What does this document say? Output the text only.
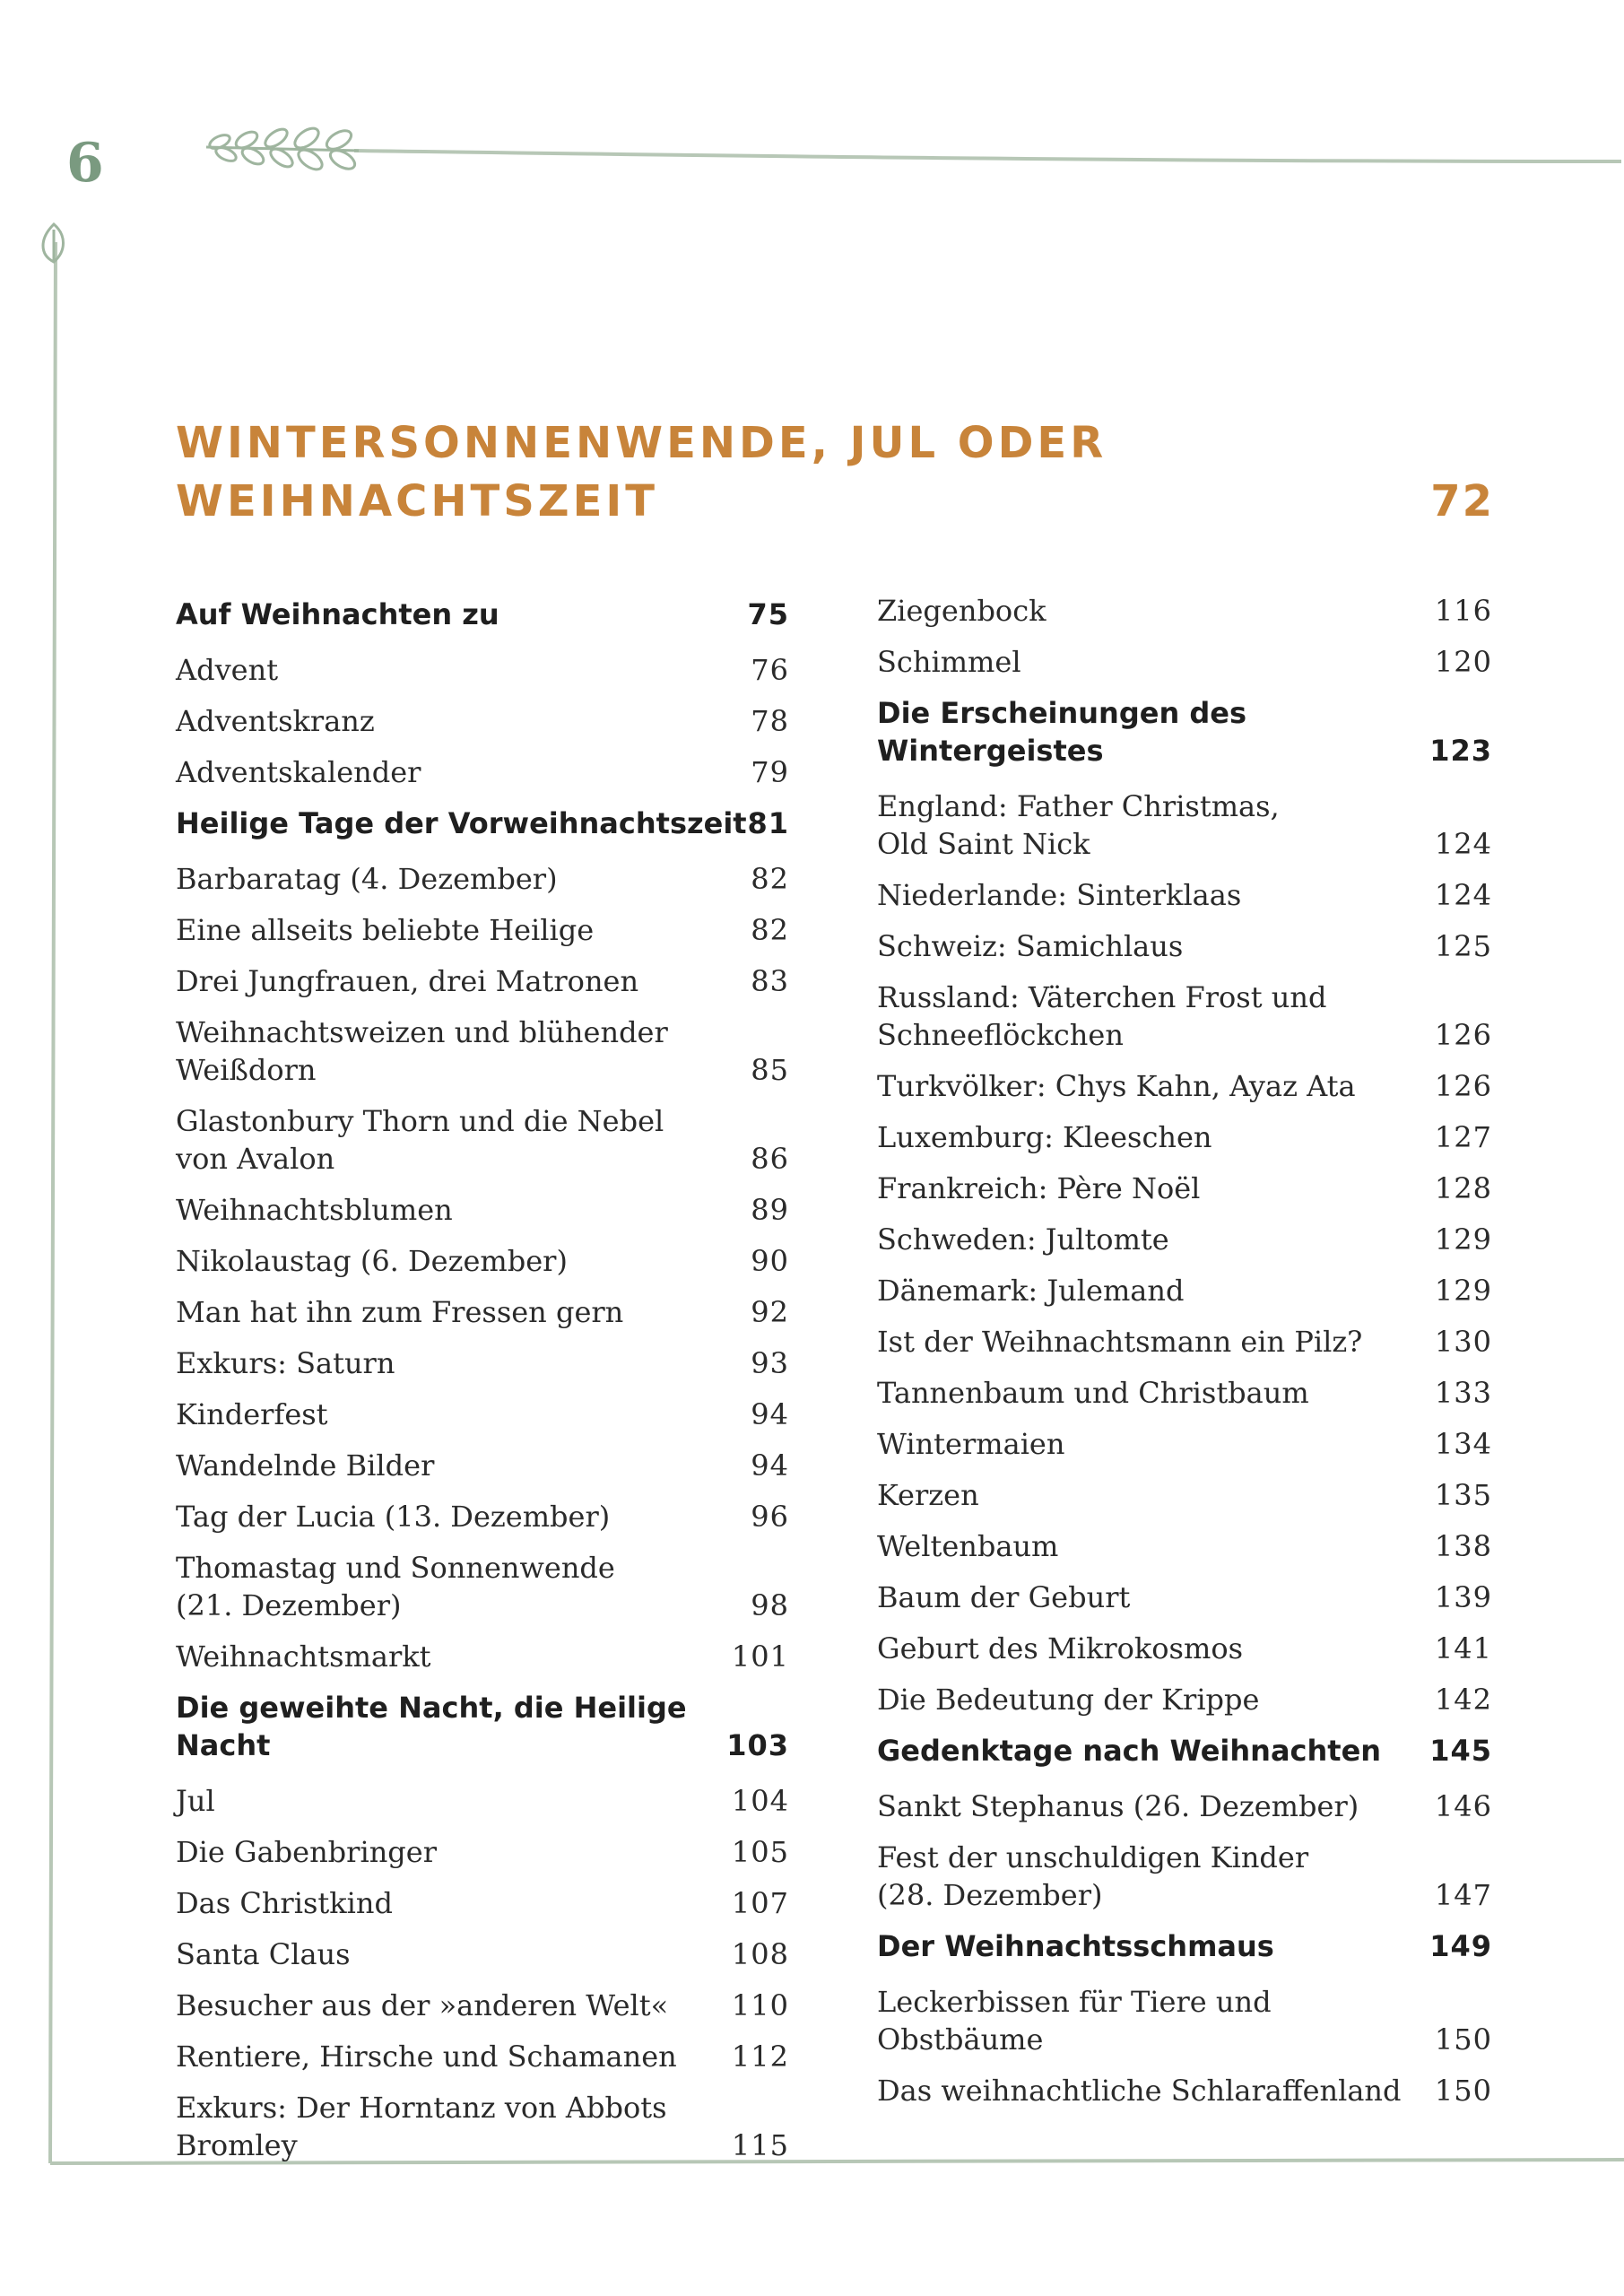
6
WINTERSONNENWENDE, JUL ODER
WEIHNACHTSZEIT	72
Auf Weihnachten zu	75
Advent	76
Adventskranz	78
Adventskalender	79
Heilige Tage der Vorweihnachtszeit 81
Barbaratag (4. Dezember)	82
Eine allseits beliebte Heilige	82
Drei Jungfrauen, drei Matronen	83
Weihnachtsweizen und blühender
Weißdorn	85
Glastonbury Thorn und die Nebel
von Avalon	86
Weihnachtsblumen	89
Nikolaustag (6. Dezember)	90
Man hat ihn zum Fressen gern	92
Exkurs: Saturn	93
Kinderfest	94
Wandelnde Bilder	94
Tag der Lucia (13. Dezember)	96
Thomastag und Sonnenwende
(21. Dezember)	98
Weihnachtsmarkt	101
Die geweihte Nacht, die Heilige Nacht	103
Jul	104
Die Gabenbringer	105
Das Christkind	107
Santa Claus	108
Besucher aus der »anderen Welt« 110
Rentiere, Hirsche und Schamanen 112
Exkurs: Der Horntanz von Abbots Bromley	115
Ziegenbock	116
Schimmel	120
Die Erscheinungen des
Wintergeistes	123
England: Father Christmas,
Old Saint Nick	124
Niederlande: Sinterklaas	124
Schweiz: Samichlaus	125
Russland: Väterchen Frost und
Schneeflöckchen	126
Turkvölker: Chys Kahn, Ayaz Ata	126
Luxemburg: Kleeschen	127
Frankreich: Père Noël	128
Schweden: Jultomte	129
Dänemark: Julemand	129
Ist der Weihnachtsmann ein Pilz?	130
Tannenbaum und Christbaum	133
Wintermaien	134
Kerzen	135
Weltenbaum	138
Baum der Geburt	139
Geburt des Mikrokosmos	141
Die Bedeutung der Krippe	142
Gedenktage nach Weihnachten 145
Sankt Stephanus (26. Dezember)	146
Fest der unschuldigen Kinder
(28. Dezember)	147
Der Weihnachtsschmaus	149
Leckerbissen für Tiere und Obstbäume	150
Das weihnachtliche Schlaraffenland 150
